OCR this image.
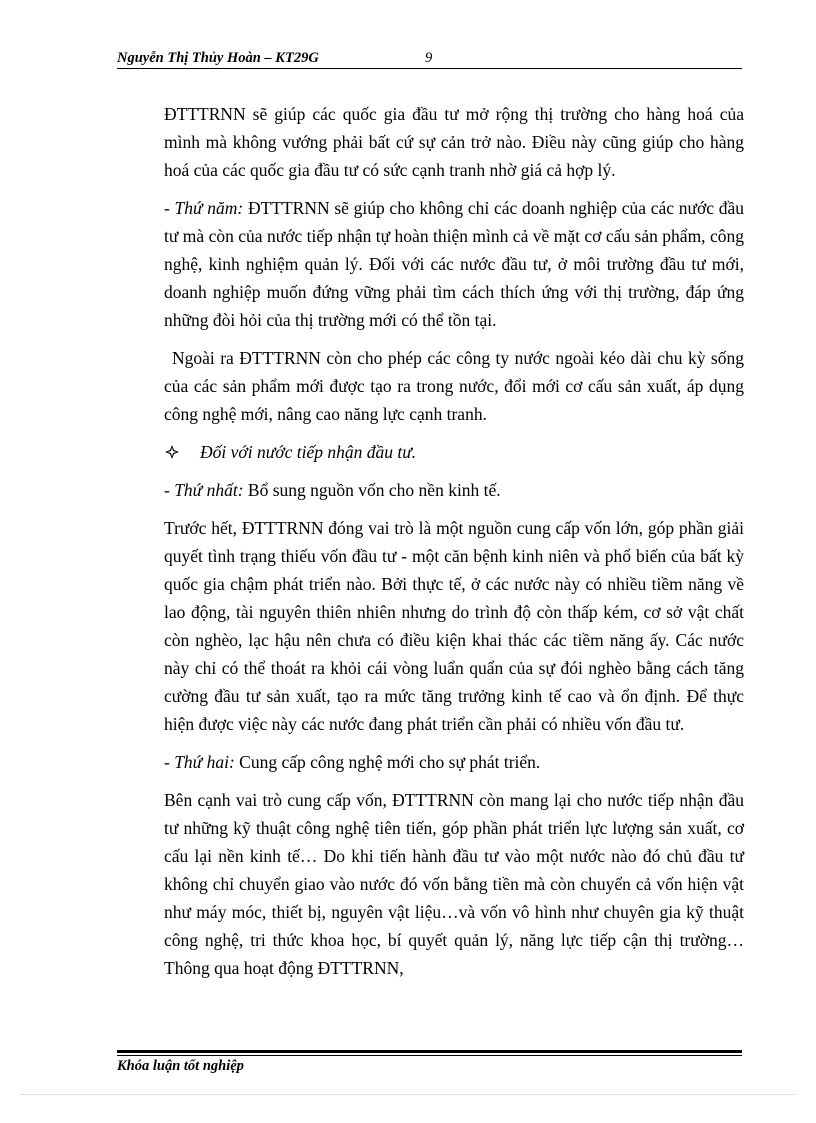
Nguyễn Thị Thủy Hoàn – KT29G	9

ĐTTTRNN sẽ giúp các quốc gia đầu tư mở rộng thị trường cho hàng hoá của mình mà không vướng phải bất cứ sự cản trở nào. Điều này cũng giúp cho hàng hoá của các quốc gia đầu tư có sức cạnh tranh nhờ giá cả hợp lý.

- Thứ năm: ĐTTTRNN sẽ giúp cho không chỉ các doanh nghiệp của các nước đầu tư mà còn của nước tiếp nhận tự hoàn thiện mình cả về mặt cơ cấu sản phẩm, công nghệ, kinh nghiệm quản lý. Đối với các nước đầu tư, ở môi trường đầu tư mới, doanh nghiệp muốn đứng vững phải tìm cách thích ứng với thị trường, đáp ứng những đòi hỏi của thị trường mới có thể tồn tại.

Ngoài ra ĐTTTRNN còn cho phép các công ty nước ngoài kéo dài chu kỳ sống của các sản phẩm mới được tạo ra trong nước, đổi mới cơ cấu sản xuất, áp dụng công nghệ mới, nâng cao năng lực cạnh tranh.

Đối với nước tiếp nhận đầu tư.

- Thứ nhất: Bổ sung nguồn vốn cho nền kinh tế.

Trước hết, ĐTTTRNN đóng vai trò là một nguồn cung cấp vốn lớn, góp phần giải quyết tình trạng thiếu vốn đầu tư - một căn bệnh kinh niên và phổ biến của bất kỳ quốc gia chậm phát triển nào. Bởi thực tế, ở các nước này có nhiều tiềm năng về lao động, tài nguyên thiên nhiên nhưng do trình độ còn thấp kém, cơ sở vật chất còn nghèo, lạc hậu nên chưa có điều kiện khai thác các tiềm năng ấy. Các nước này chỉ có thể thoát ra khỏi cái vòng luẩn quẩn của sự đói nghèo bằng cách tăng cường đầu tư sản xuất, tạo ra mức tăng trưởng kinh tế cao và ổn định. Để thực hiện được việc này các nước đang phát triển cần phải có nhiều vốn đầu tư.

- Thứ hai: Cung cấp công nghệ mới cho sự phát triển.

Bên cạnh vai trò cung cấp vốn, ĐTTTRNN còn mang lại cho nước tiếp nhận đầu tư những kỹ thuật công nghệ tiên tiến, góp phần phát triển lực lượng sản xuất, cơ cấu lại nền kinh tế… Do khi tiến hành đầu tư vào một nước nào đó chủ đầu tư không chỉ chuyển giao vào nước đó vốn bằng tiền mà còn chuyển cả vốn hiện vật như máy móc, thiết bị, nguyên vật liệu…và vốn vô hình như chuyên gia kỹ thuật công nghệ, tri thức khoa học, bí quyết quản lý, năng lực tiếp cận thị trường… Thông qua hoạt động ĐTTTRNN,

Khóa luận tốt nghiệp
